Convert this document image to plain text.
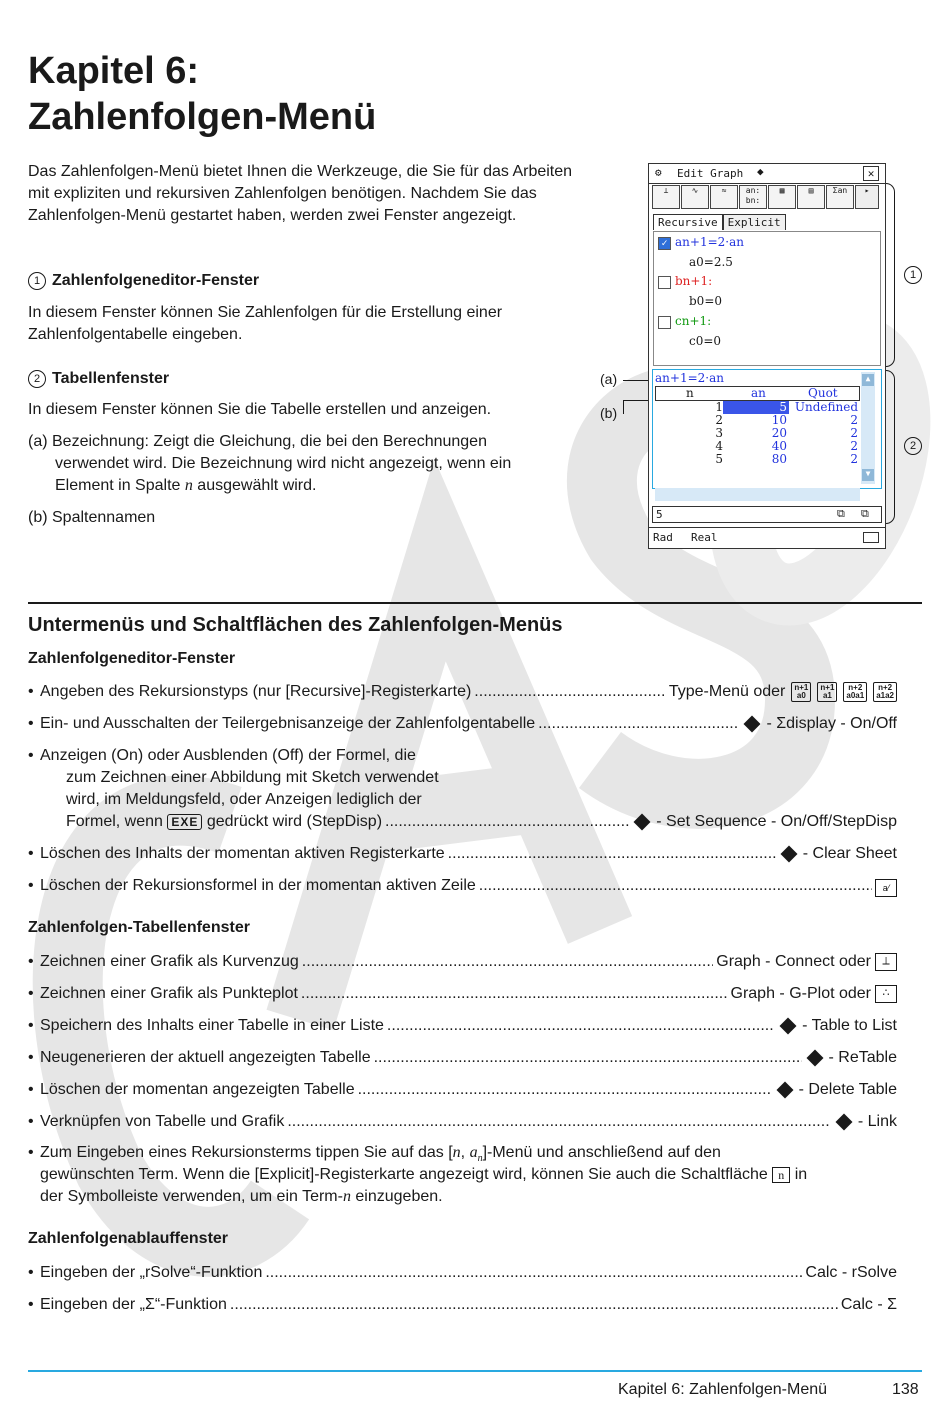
Kapitel 6:
Zahlenfolgen-Menü
Das Zahlenfolgen-Menü bietet Ihnen die Werkzeuge, die Sie für das Arbeiten mit expliziten und rekursiven Zahlenfolgen benötigen. Nachdem Sie das Zahlenfolgen-Menü gestartet haben, werden zwei Fenster angezeigt.
1 Zahlenfolgeneditor-Fenster
In diesem Fenster können Sie Zahlenfolgen für die Erstellung einer Zahlenfolgentabelle eingeben.
2 Tabellenfenster
In diesem Fenster können Sie die Tabelle erstellen und anzeigen.
(a) Bezeichnung: Zeigt die Gleichung, die bei den Berechnungen
verwendet wird. Die Bezeichnung wird nicht angezeigt, wenn ein
Element in Spalte n ausgewählt wird.
(b) Spaltennamen
(a)
(b)
1
2
⚙ Edit Graph ◆	✕
⟂	∿	≈	an:
bn:
▦	▤	Σan	▸
Recursive Explicit
✓ an+1=2·an
a0=2.5
bn+1:
b0=0
cn+1:
c0=0
an+1=2·an
n	an	Quot
1	5 Undefined
2	10	2
3	20	2
4	40	2
5	80	2
▲
▼
5	⧉ ⧉
Rad Real
Untermenüs und Schaltflächen des Zahlenfolgen-Menüs
Zahlenfolgeneditor-Fenster
• Angeben des Rekursionstyps (nur [Recursive]-Registerkarte) .....	Type-Menü oder	n+1
a0
n+1
a1
n+2
a0a1
n+2
a1a2
• Ein- und Ausschalten der Teilergebnisanzeige der Zahlenfolgentabelle .....	- Σdisplay - On/Off
• Anzeigen (On) oder Ausblenden (Off) der Formel, die
zum Zeichnen einer Abbildung mit Sketch verwendet
wird, im Meldungsfeld, oder Anzeigen lediglich der
Formel, wenn EXE gedrückt wird (StepDisp) .....	- Set Sequence - On/Off/StepDisp
• Löschen des Inhalts der momentan aktiven Registerkarte .....	- Clear Sheet
• Löschen der Rekursionsformel in der momentan aktiven Zeile .....	a⁄
Zahlenfolgen-Tabellenfenster
• Zeichnen einer Grafik als Kurvenzug .....	Graph - Connect oder	⟂
• Zeichnen einer Grafik als Punkteplot .....	Graph - G-Plot oder	∴
• Speichern des Inhalts einer Tabelle in einer Liste .....	- Table to List
• Neugenerieren der aktuell angezeigten Tabelle .....	- ReTable
• Löschen der momentan angezeigten Tabelle .....	- Delete Table
• Verknüpfen von Tabelle und Grafik .....	- Link
• Zum Eingeben eines Rekursionsterms tippen Sie auf das [n, $a_n$]-Menü und anschließend auf den
gewünschten Term. Wenn die [Explicit]-Registerkarte angezeigt wird, können Sie auch die Schaltfläche n in
der Symbolleiste verwenden, um ein Term-n einzugeben.
Zahlenfolgenablauffenster
• Eingeben der „rSolve“-Funktion .....	Calc - rSolve
• Eingeben der „Σ“-Funktion .....	Calc - Σ
Kapitel 6: Zahlenfolgen-Menü	138
